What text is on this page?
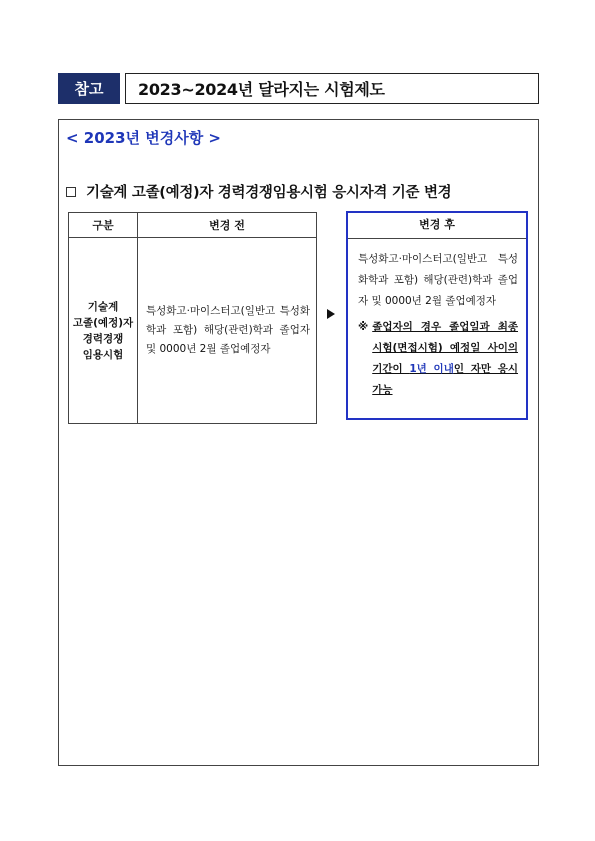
참고	2023~2024년 달라지는 시험제도
< 2023년 변경사항 >
기술계 고졸(예정)자 경력경쟁임용시험 응시자격 기준 변경
구분	변경 전

기술계
고졸(예정)자
경력경쟁
임용시험	특성화고·마이스터고(일반고 특성화학과 포함) 해당(관련)학과 졸업자 및 0000년 2월 졸업예정자
변경 후
특성화고·마이스터고(일반고 특성화학과 포함) 해당(관련)학과 졸업자 및 0000년 2월 졸업예정자
※ 졸업자의 경우 졸업일과 최종 시험(면접시험) 예정일 사이의 기간이 1년 이내인 자만 응시 가능
